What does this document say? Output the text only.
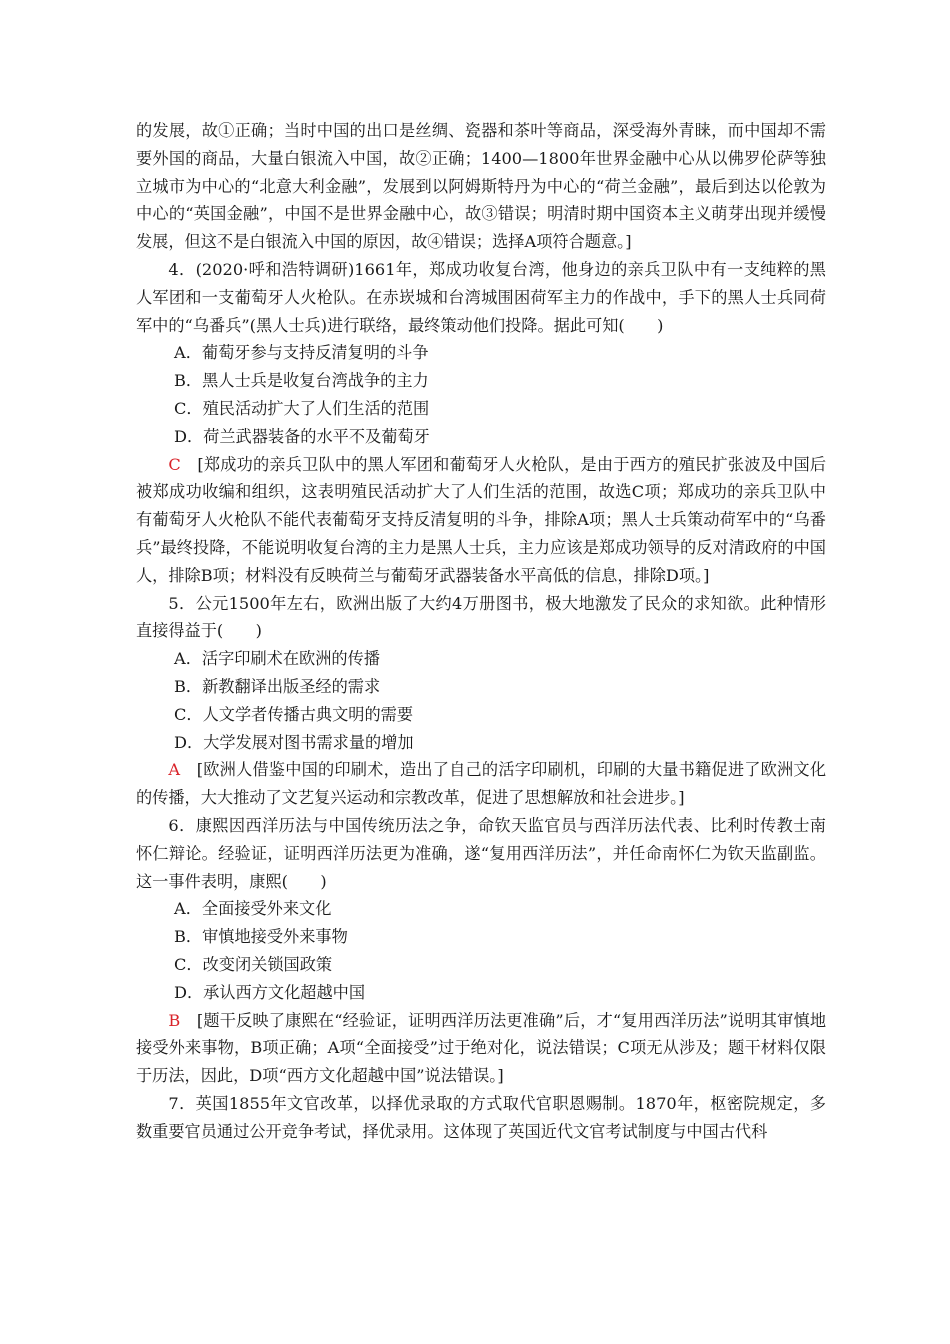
的发展，故①正确；当时中国的出口是丝绸、瓷器和茶叶等商品，深受海外青睐，而中国却不需要外国的商品，大量白银流入中国，故②正确；1400—1800年世界金融中心从以佛罗伦萨等独立城市为中心的“北意大利金融”，发展到以阿姆斯特丹为中心的“荷兰金融”，最后到达以伦敦为中心的“英国金融”，中国不是世界金融中心，故③错误；明清时期中国资本主义萌芽出现并缓慢发展，但这不是白银流入中国的原因，故④错误；选择A项符合题意。]

4．(2020·呼和浩特调研)1661年，郑成功收复台湾，他身边的亲兵卫队中有一支纯粹的黑人军团和一支葡萄牙人火枪队。在赤崁城和台湾城围困荷军主力的作战中，手下的黑人士兵同荷军中的“乌番兵”(黑人士兵)进行联络，最终策动他们投降。据此可知(　　)

A．葡萄牙参与支持反清复明的斗争

B．黑人士兵是收复台湾战争的主力

C．殖民活动扩大了人们生活的范围

D．荷兰武器装备的水平不及葡萄牙

C　 [郑成功的亲兵卫队中的黑人军团和葡萄牙人火枪队，是由于西方的殖民扩张波及中国后被郑成功收编和组织，这表明殖民活动扩大了人们生活的范围，故选C项；郑成功的亲兵卫队中有葡萄牙人火枪队不能代表葡萄牙支持反清复明的斗争，排除A项；黑人士兵策动荷军中的“乌番兵”最终投降，不能说明收复台湾的主力是黑人士兵，主力应该是郑成功领导的反对清政府的中国人，排除B项；材料没有反映荷兰与葡萄牙武器装备水平高低的信息，排除D项。]

5．公元1500年左右，欧洲出版了大约4万册图书，极大地激发了民众的求知欲。此种情形直接得益于(　　)

A．活字印刷术在欧洲的传播

B．新教翻译出版圣经的需求

C．人文学者传播古典文明的需要

D．大学发展对图书需求量的增加

A　 [欧洲人借鉴中国的印刷术，造出了自己的活字印刷机，印刷的大量书籍促进了欧洲文化的传播，大大推动了文艺复兴运动和宗教改革，促进了思想解放和社会进步。]

6．康熙因西洋历法与中国传统历法之争，命钦天监官员与西洋历法代表、比利时传教士南怀仁辩论。经验证，证明西洋历法更为准确，遂“复用西洋历法”，并任命南怀仁为钦天监副监。这一事件表明，康熙(　　)

A．全面接受外来文化

B．审慎地接受外来事物

C．改变闭关锁国政策

D．承认西方文化超越中国

B　 [题干反映了康熙在“经验证，证明西洋历法更准确”后，才“复用西洋历法”说明其审慎地接受外来事物，B项正确；A项“全面接受”过于绝对化，说法错误；C项无从涉及；题干材料仅限于历法，因此，D项“西方文化超越中国”说法错误。]

7．英国1855年文官改革，以择优录取的方式取代官职恩赐制。1870年，枢密院规定，多数重要官员通过公开竞争考试，择优录用。这体现了英国近代文官考试制度与中国古代科
